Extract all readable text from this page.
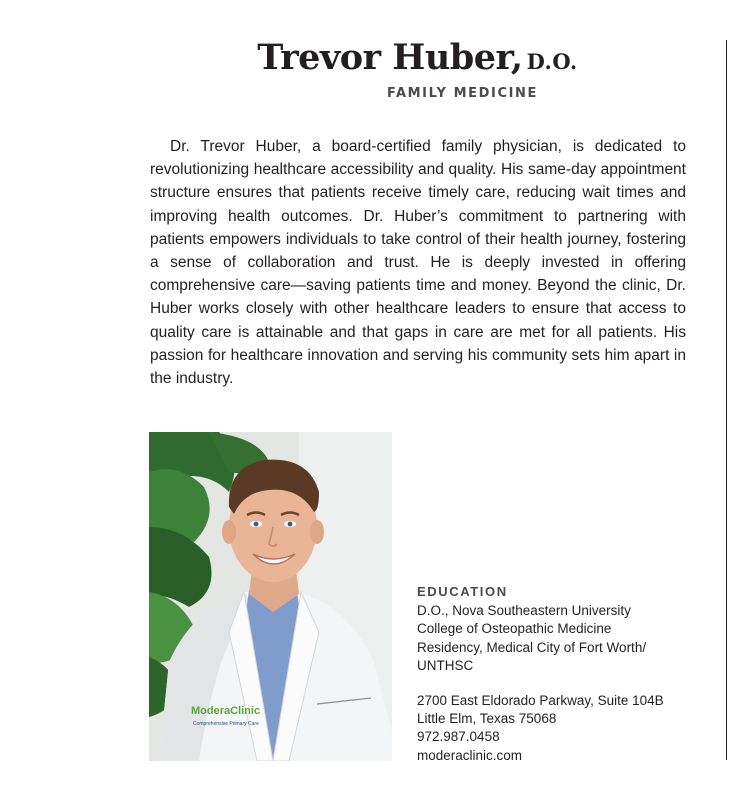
Trevor Huber, D.O.
FAMILY MEDICINE

Dr. Trevor Huber, a board-certified family physician, is dedicated to revolutionizing healthcare accessibility and quality. His same-day appointment structure ensures that patients receive timely care, reducing wait times and improving health outcomes. Dr. Huber’s commitment to partnering with patients empowers individuals to take control of their health journey, fostering a sense of collaboration and trust. He is deeply invested in offering comprehensive care—saving patients time and money. Beyond the clinic, Dr. Huber works closely with other healthcare leaders to ensure that access to quality care is attainable and that gaps in care are met for all patients. His passion for healthcare innovation and serving his community sets him apart in the industry.

ModeraClinic
Comprehensive Primary Care
EDUCATION
D.O., Nova Southeastern University
College of Osteopathic Medicine
Residency, Medical City of Fort Worth/
UNTHSC
2700 East Eldorado Parkway, Suite 104B
Little Elm, Texas 75068
972.987.0458
moderaclinic.com
